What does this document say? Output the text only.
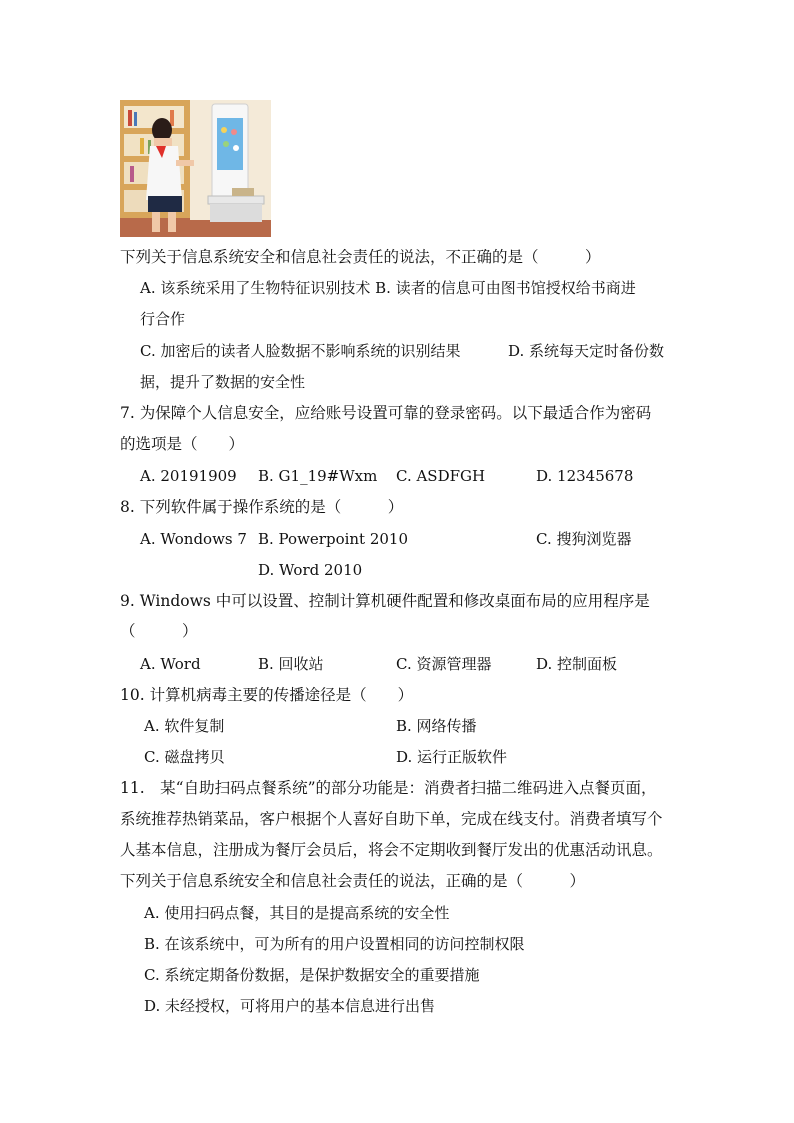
下列关于信息系统安全和信息社会责任的说法，不正确的是（　　　）
A. 该系统采用了生物特征识别技术 B. 读者的信息可由图书馆授权给书商进
行合作
C. 加密后的读者人脸数据不影响系统的识别结果	D. 系统每天定时备份数
据，提升了数据的安全性
7. 为保障个人信息安全，应给账号设置可靠的登录密码。以下最适合作为密码
的选项是（　　）
A. 20191909 B. G1_19#Wxm C. ASDFGH	D. 12345678
8. 下列软件属于操作系统的是（　　　）
A. Wondows 7 B. Powerpoint 2010	C. 搜狗浏览器
D. Word 2010
9. Windows 中可以设置、控制计算机硬件配置和修改桌面布局的应用程序是
（　　　）
A. Word	B. 回收站	C. 资源管理器	D. 控制面板
10. 计算机病毒主要的传播途径是（　　）
A. 软件复制	B. 网络传播
C. 磁盘拷贝	D. 运行正版软件
11.　某“自助扫码点餐系统”的部分功能是：消费者扫描二维码进入点餐页面，
系统推荐热销菜品，客户根据个人喜好自助下单，完成在线支付。消费者填写个
人基本信息，注册成为餐厅会员后，将会不定期收到餐厅发出的优惠活动讯息。
下列关于信息系统安全和信息社会责任的说法，正确的是（　　　）
A. 使用扫码点餐，其目的是提高系统的安全性
B. 在该系统中，可为所有的用户设置相同的访问控制权限
C. 系统定期备份数据，是保护数据安全的重要措施
D. 未经授权，可将用户的基本信息进行出售
